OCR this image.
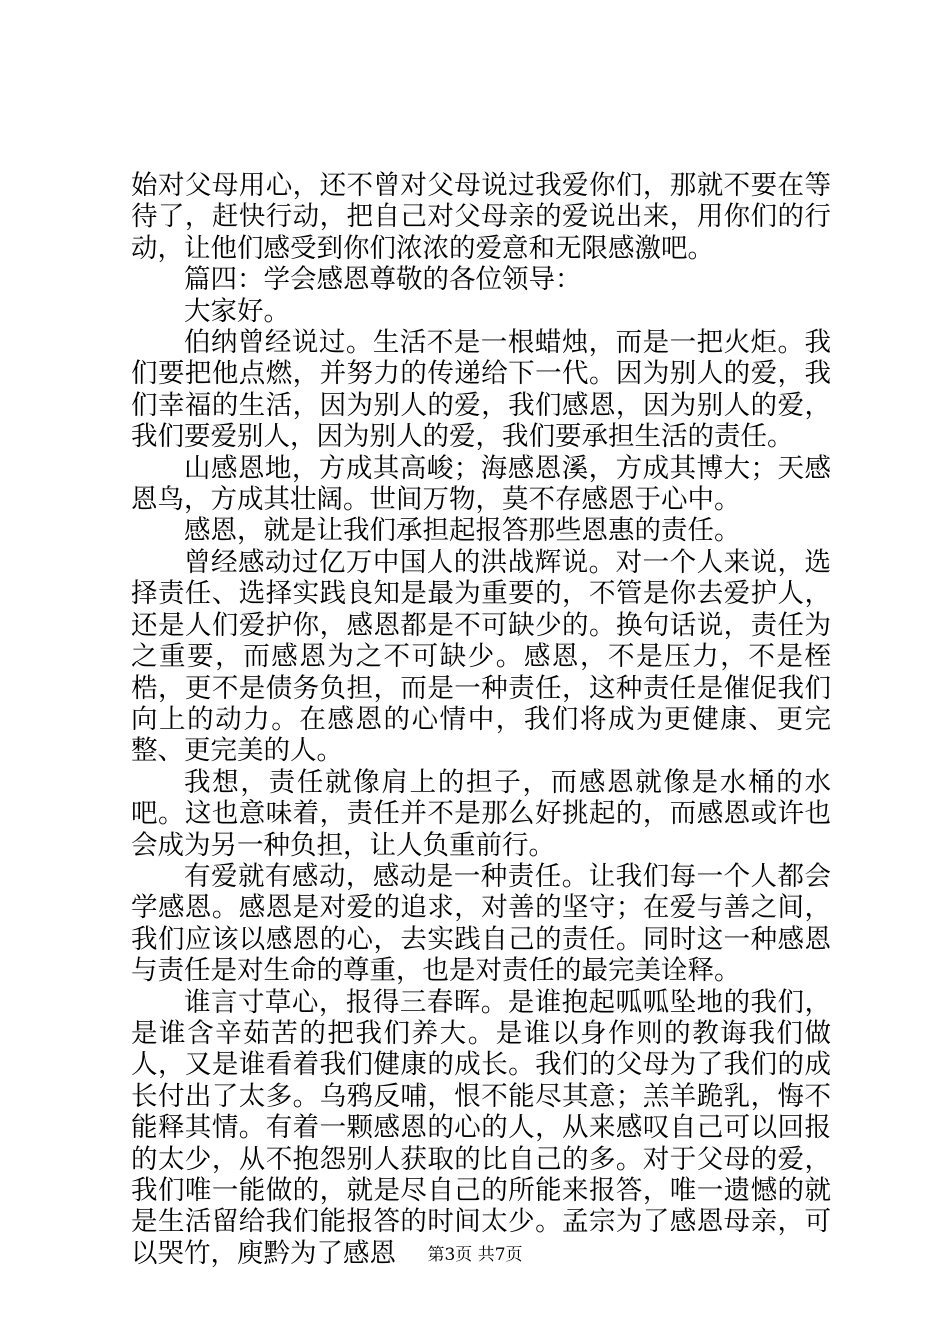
始对父母用心，还不曾对父母说过我爱你们，那就不要在等待了，赶快行动，把自己对父母亲的爱说出来，用你们的行动，让他们感受到你们浓浓的爱意和无限感激吧。

篇四：学会感恩尊敬的各位领导：

大家好。

伯纳曾经说过。生活不是一根蜡烛，而是一把火炬。我们要把他点燃，并努力的传递给下一代。因为别人的爱，我们幸福的生活，因为别人的爱，我们感恩，因为别人的爱，我们要爱别人，因为别人的爱，我们要承担生活的责任。

山感恩地，方成其高峻；海感恩溪，方成其博大；天感恩鸟，方成其壮阔。世间万物，莫不存感恩于心中。

感恩，就是让我们承担起报答那些恩惠的责任。

曾经感动过亿万中国人的洪战辉说。对一个人来说，选择责任、选择实践良知是最为重要的，不管是你去爱护人，还是人们爱护你，感恩都是不可缺少的。换句话说，责任为之重要，而感恩为之不可缺少。感恩，不是压力，不是桎梏，更不是债务负担，而是一种责任，这种责任是催促我们向上的动力。在感恩的心情中，我们将成为更健康、更完整、更完美的人。

我想，责任就像肩上的担子，而感恩就像是水桶的水吧。这也意味着，责任并不是那么好挑起的，而感恩或许也会成为另一种负担，让人负重前行。

有爱就有感动，感动是一种责任。让我们每一个人都会学感恩。感恩是对爱的追求，对善的坚守；在爱与善之间，我们应该以感恩的心，去实践自己的责任。同时这一种感恩与责任是对生命的尊重，也是对责任的最完美诠释。

谁言寸草心，报得三春晖。是谁抱起呱呱坠地的我们，是谁含辛茹苦的把我们养大。是谁以身作则的教诲我们做人，又是谁看着我们健康的成长。我们的父母为了我们的成长付出了太多。乌鸦反哺，恨不能尽其意；羔羊跪乳，悔不能释其情。有着一颗感恩的心的人，从来感叹自己可以回报的太少，从不抱怨别人获取的比自己的多。对于父母的爱，我们唯一能做的，就是尽自己的所能来报答，唯一遗憾的就是生活留给我们能报答的时间太少。孟宗为了感恩母亲，可以哭竹，庾黔为了感恩	第3页 共7页
